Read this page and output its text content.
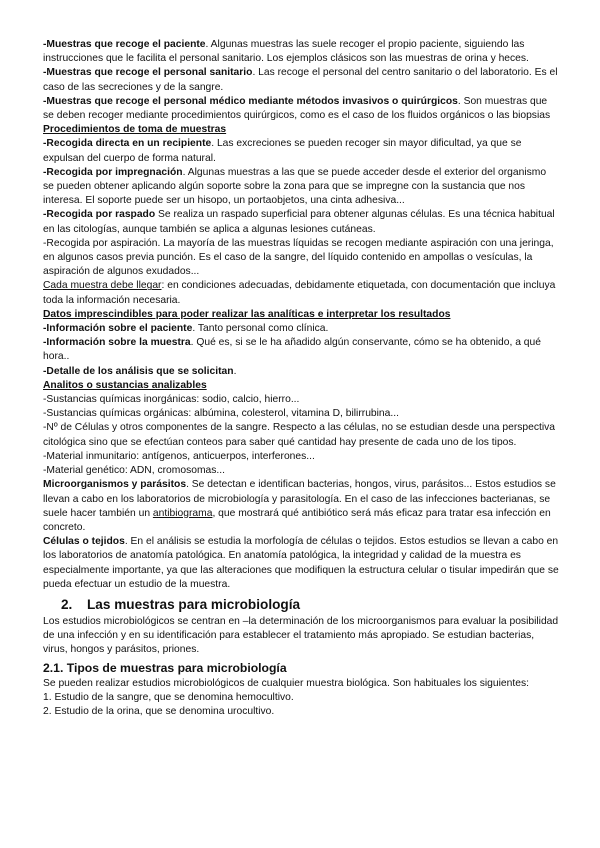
-Muestras que recoge el paciente. Algunas muestras las suele recoger el propio paciente, siguiendo las instrucciones que le facilita el personal sanitario. Los ejemplos clásicos son las muestras de orina y heces.

-Muestras que recoge el personal sanitario. Las recoge el personal del centro sanitario o del laboratorio. Es el caso de las secreciones y de la sangre.

-Muestras que recoge el personal médico mediante métodos invasivos o quirúrgicos. Son muestras que se deben recoger mediante procedimientos quirúrgicos, como es el caso de los fluidos orgánicos o las biopsias

Procedimientos de toma de muestras

-Recogida directa en un recipiente. Las excreciones se pueden recoger sin mayor dificultad, ya que se expulsan del cuerpo de forma natural.

-Recogida por impregnación. Algunas muestras a las que se puede acceder desde el exterior del organismo se pueden obtener aplicando algún soporte sobre la zona para que se impregne con la sustancia que nos interesa. El soporte puede ser un hisopo, un portaobjetos, una cinta adhesiva...

-Recogida por raspado Se realiza un raspado superficial para obtener algunas células. Es una técnica habitual en las citologías, aunque también se aplica a algunas lesiones cutáneas.

-Recogida por aspiración. La mayoría de las muestras líquidas se recogen mediante aspiración con una jeringa, en algunos casos previa punción. Es el caso de la sangre, del líquido contenido en ampollas o vesículas, la aspiración de algunos exudados...

Cada muestra debe llegar: en condiciones adecuadas, debidamente etiquetada, con documentación que incluya toda la información necesaria.

Datos imprescindibles para poder realizar las analíticas e interpretar los resultados

-Información sobre el paciente. Tanto personal como clínica.

-Información sobre la muestra. Qué es, si se le ha añadido algún conservante, cómo se ha obtenido, a qué hora..

-Detalle de los análisis que se solicitan.

Analitos o sustancias analizables

-Sustancias químicas inorgánicas: sodio, calcio, hierro...

-Sustancias químicas orgánicas: albúmina, colesterol, vitamina D, bilirrubina...

-Nº de Células y otros componentes de la sangre. Respecto a las células, no se estudian desde una perspectiva citológica sino que se efectúan conteos para saber qué cantidad hay presente de cada uno de los tipos.

-Material inmunitario: antígenos, anticuerpos, interferones...

-Material genético: ADN, cromosomas...

Microorganismos y parásitos. Se detectan e identifican bacterias, hongos, virus, parásitos... Estos estudios se llevan a cabo en los laboratorios de microbiología y parasitología. En el caso de las infecciones bacterianas, se suele hacer también un antibiograma, que mostrará qué antibiótico será más eficaz para tratar esa infección en concreto.

Células o tejidos. En el análisis se estudia la morfología de células o tejidos. Estos estudios se llevan a cabo en los laboratorios de anatomía patológica. En anatomía patológica, la integridad y calidad de la muestra es especialmente importante, ya que las alteraciones que modifiquen la estructura celular o tisular impedirán que se pueda efectuar un estudio de la muestra.

2. Las muestras para microbiología

Los estudios microbiológicos se centran en –la determinación de los microorganismos para evaluar la posibilidad de una infección y en su identificación para establecer el tratamiento más apropiado. Se estudian bacterias, virus, hongos y parásitos, priones.

2.1. Tipos de muestras para microbiología

Se pueden realizar estudios microbiológicos de cualquier muestra biológica. Son habituales los siguientes:

1. Estudio de la sangre, que se denomina hemocultivo.

2. Estudio de la orina, que se denomina urocultivo.
